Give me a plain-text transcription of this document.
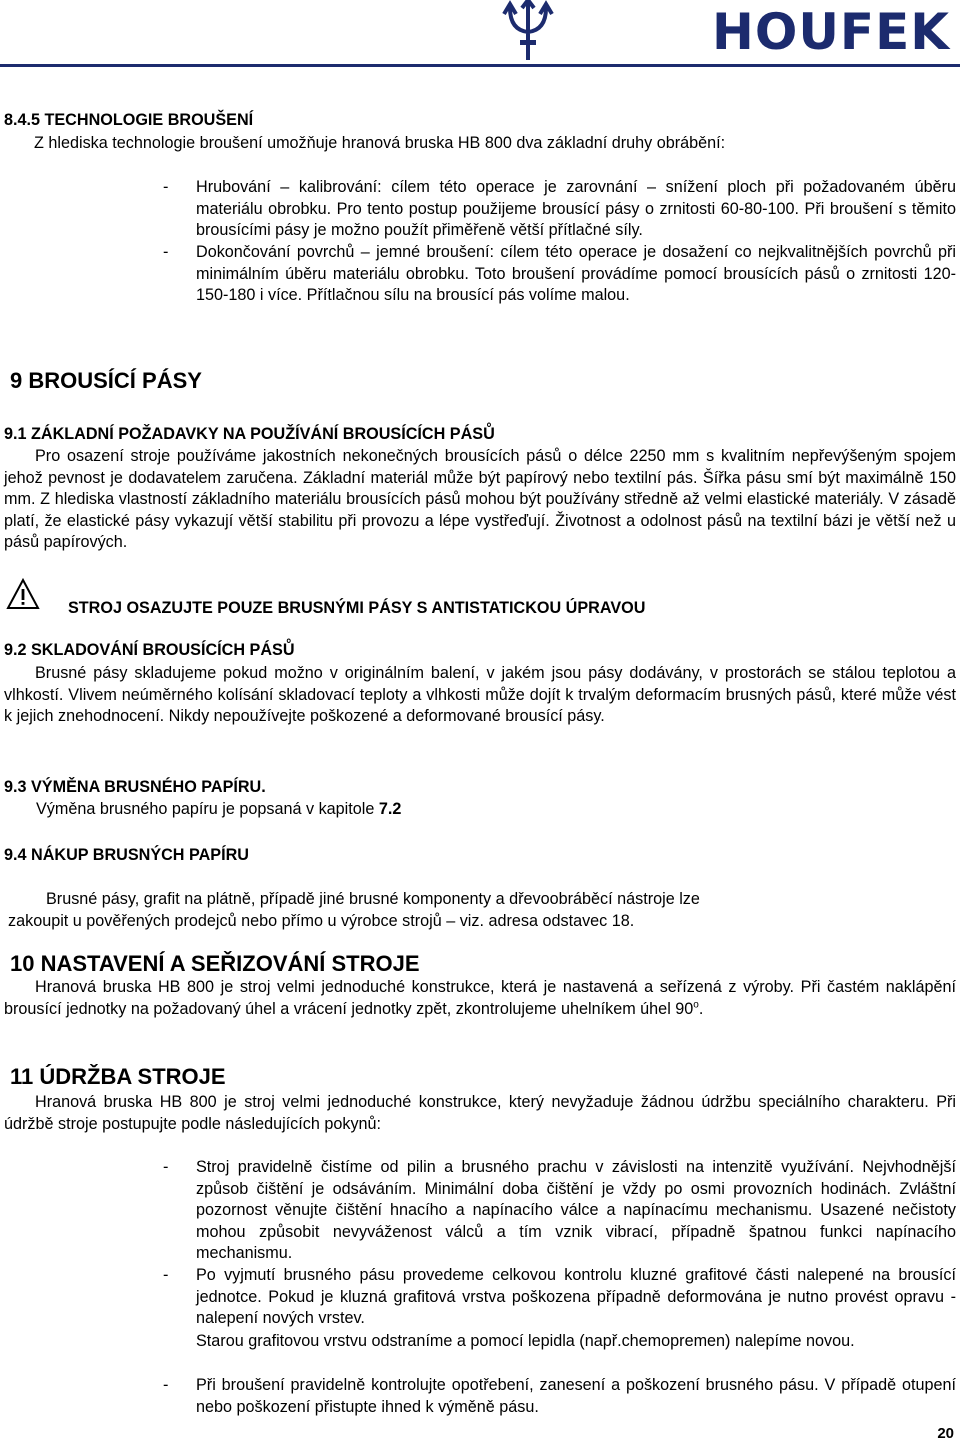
HOUFEK
8.4.5 TECHNOLOGIE BROUŠENÍ
Z hlediska technologie broušení umožňuje hranová bruska HB 800 dva základní druhy obrábění:
- Hrubování – kalibrování: cílem této operace je zarovnání – snížení ploch při požadovaném úběru materiálu obrobku. Pro tento postup použijeme brousící pásy o zrnitosti 60-80-100. Při broušení s těmito brousícími pásy je možno použít přiměřeně větší přítlačné síly.
- Dokončování povrchů – jemné broušení: cílem této operace je dosažení co nejkvalitnějších povrchů při minimálním úběru materiálu obrobku. Toto broušení provádíme pomocí brousících pásů o zrnitosti 120-150-180 i více. Přítlačnou sílu na brousící pás volíme malou.
9 BROUSÍCÍ PÁSY
9.1 ZÁKLADNÍ POŽADAVKY NA POUŽÍVÁNÍ BROUSÍCÍCH PÁSŮ
Pro osazení stroje používáme jakostních nekonečných brousících pásů o délce 2250 mm s kvalitním nepřevýšeným spojem jehož pevnost je dodavatelem zaručena. Základní materiál může být papírový nebo textilní pás. Šířka pásu smí být maximálně 150 mm. Z hlediska vlastností základního materiálu brousících pásů mohou být používány středně až velmi elastické materiály. V zásadě platí, že elastické pásy vykazují větší stabilitu při provozu a lépe vystřeďují. Životnost a odolnost pásů na textilní bázi je větší než u pásů papírových.
STROJ OSAZUJTE POUZE BRUSNÝMI PÁSY S ANTISTATICKOU ÚPRAVOU
9.2 SKLADOVÁNÍ BROUSÍCÍCH PÁSŮ
Brusné pásy skladujeme pokud možno v originálním balení, v jakém jsou pásy dodávány, v prostorách se stálou teplotou a vlhkostí. Vlivem neúměrného kolísání skladovací teploty a vlhkosti může dojít k trvalým deformacím brusných pásů, které může vést k jejich znehodnocení. Nikdy nepoužívejte poškozené a deformované brousící pásy.
9.3 VÝMĚNA BRUSNÉHO PAPÍRU.
Výměna brusného papíru je popsaná v kapitole 7.2
9.4 NÁKUP BRUSNÝCH PAPÍRU
Brusné pásy, grafit na plátně, případě jiné brusné komponenty a dřevoobráběcí nástroje lze
zakoupit u pověřených prodejců nebo přímo u výrobce strojů – viz. adresa odstavec 18.
10 NASTAVENÍ A SEŘIZOVÁNÍ STROJE
Hranová bruska HB 800 je stroj velmi jednoduché konstrukce, která je nastavená a seřízená z výroby. Při častém naklápění brousící jednotky na požadovaný úhel a vrácení jednotky zpět, zkontrolujeme uhelníkem úhel 90$^o$.
11 ÚDRŽBA STROJE
Hranová bruska HB 800 je stroj velmi jednoduché konstrukce, který nevyžaduje žádnou údržbu speciálního charakteru. Při údržbě stroje postupujte podle následujících pokynů:
- Stroj pravidelně čistíme od pilin a brusného prachu v závislosti na intenzitě využívání. Nejvhodnější způsob čištění je odsáváním. Minimální doba čištění je vždy po osmi provozních hodinách. Zvláštní pozornost věnujte čištění hnacího a napínacího válce a napínacímu mechanismu. Usazené nečistoty mohou způsobit nevyváženost válců a tím vznik vibrací, případně špatnou funkci napínacího mechanismu.
- Po vyjmutí brusného pásu provedeme celkovou kontrolu kluzné grafitové části nalepené na brousící jednotce. Pokud je kluzná grafitová vrstva poškozena případně deformována je nutno provést opravu - nalepení nových vrstev.
Starou grafitovou vrstvu odstraníme a pomocí lepidla (např.chemopremen) nalepíme novou.
- Při broušení pravidelně kontrolujte opotřebení, zanesení a poškození brusného pásu. V případě otupení nebo poškození přistupte ihned k výměně pásu.
20
